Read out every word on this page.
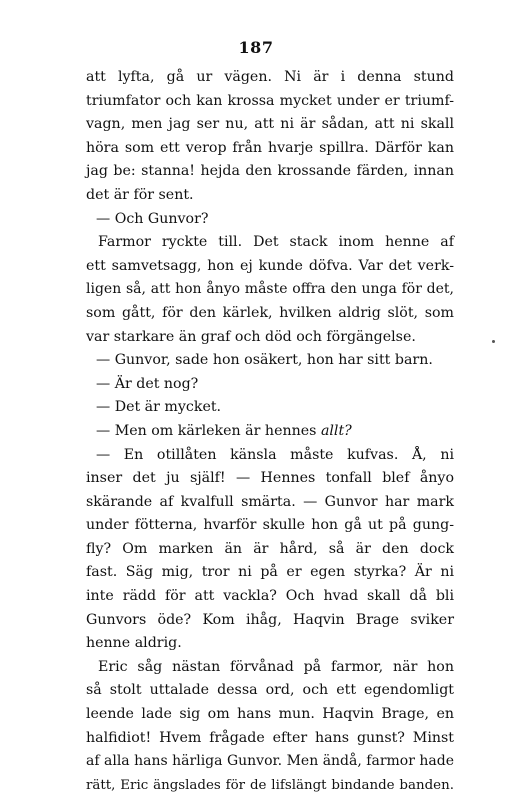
187
att lyfta, gå ur vägen. Ni är i denna stund
triumfator och kan krossa mycket under er triumf-
vagn, men jag ser nu, att ni är sådan, att ni skall
höra som ett verop från hvarje spillra. Därför kan
jag be: stanna! hejda den krossande färden, innan
det är för sent.
— Och Gunvor?
Farmor ryckte till. Det stack inom henne af
ett samvetsagg, hon ej kunde döfva. Var det verk-
ligen så, att hon ånyo måste offra den unga för det,
som gått, för den kärlek, hvilken aldrig slöt, som
var starkare än graf och död och förgängelse.
— Gunvor, sade hon osäkert, hon har sitt barn.
— Är det nog?
— Det är mycket.
— Men om kärleken är hennes allt?
— En otillåten känsla måste kufvas. Å, ni
inser det ju själf! — Hennes tonfall blef ånyo
skärande af kvalfull smärta. — Gunvor har mark
under fötterna, hvarför skulle hon gå ut på gung-
fly? Om marken än är hård, så är den dock
fast. Säg mig, tror ni på er egen styrka? Är ni
inte rädd för att vackla? Och hvad skall då bli
Gunvors öde? Kom ihåg, Haqvin Brage sviker
henne aldrig.
Eric såg nästan förvånad på farmor, när hon
så stolt uttalade dessa ord, och ett egendomligt
leende lade sig om hans mun. Haqvin Brage, en
halfidiot! Hvem frågade efter hans gunst? Minst
af alla hans härliga Gunvor. Men ändå, farmor hade
rätt, Eric ängslades för de lifslängt bindande banden.
